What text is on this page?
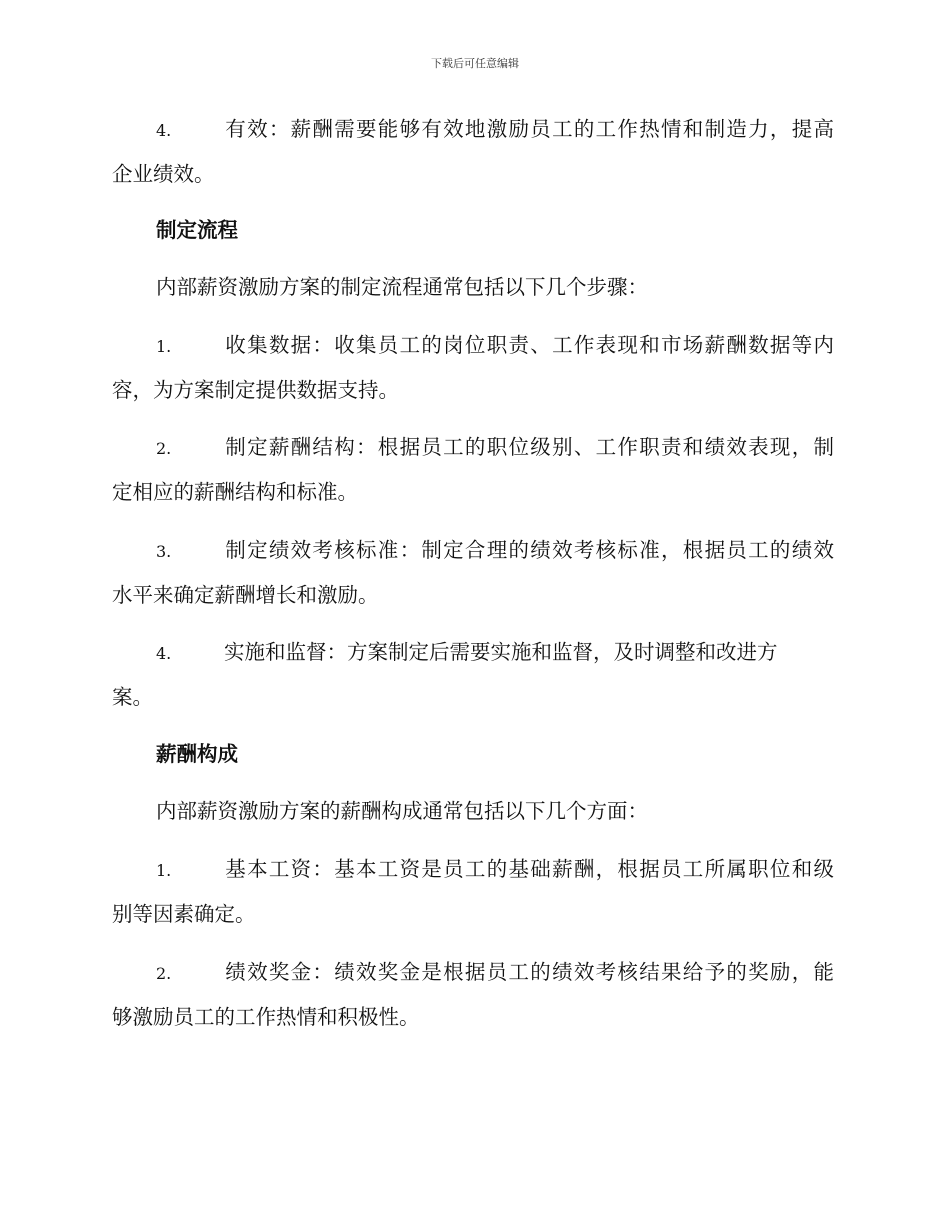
下载后可任意编辑
4.	有效：薪酬需要能够有效地激励员工的工作热情和制造力，提高
企业绩效。
制定流程
内部薪资激励方案的制定流程通常包括以下几个步骤：
1.	收集数据：收集员工的岗位职责、工作表现和市场薪酬数据等内
容，为方案制定提供数据支持。
2.	制定薪酬结构：根据员工的职位级别、工作职责和绩效表现，制
定相应的薪酬结构和标准。
3.	制定绩效考核标准：制定合理的绩效考核标准，根据员工的绩效
水平来确定薪酬增长和激励。
4.	实施和监督：方案制定后需要实施和监督，及时调整和改进方
案。
薪酬构成
内部薪资激励方案的薪酬构成通常包括以下几个方面：
1.	基本工资：基本工资是员工的基础薪酬，根据员工所属职位和级
别等因素确定。
2.	绩效奖金：绩效奖金是根据员工的绩效考核结果给予的奖励，能
够激励员工的工作热情和积极性。
